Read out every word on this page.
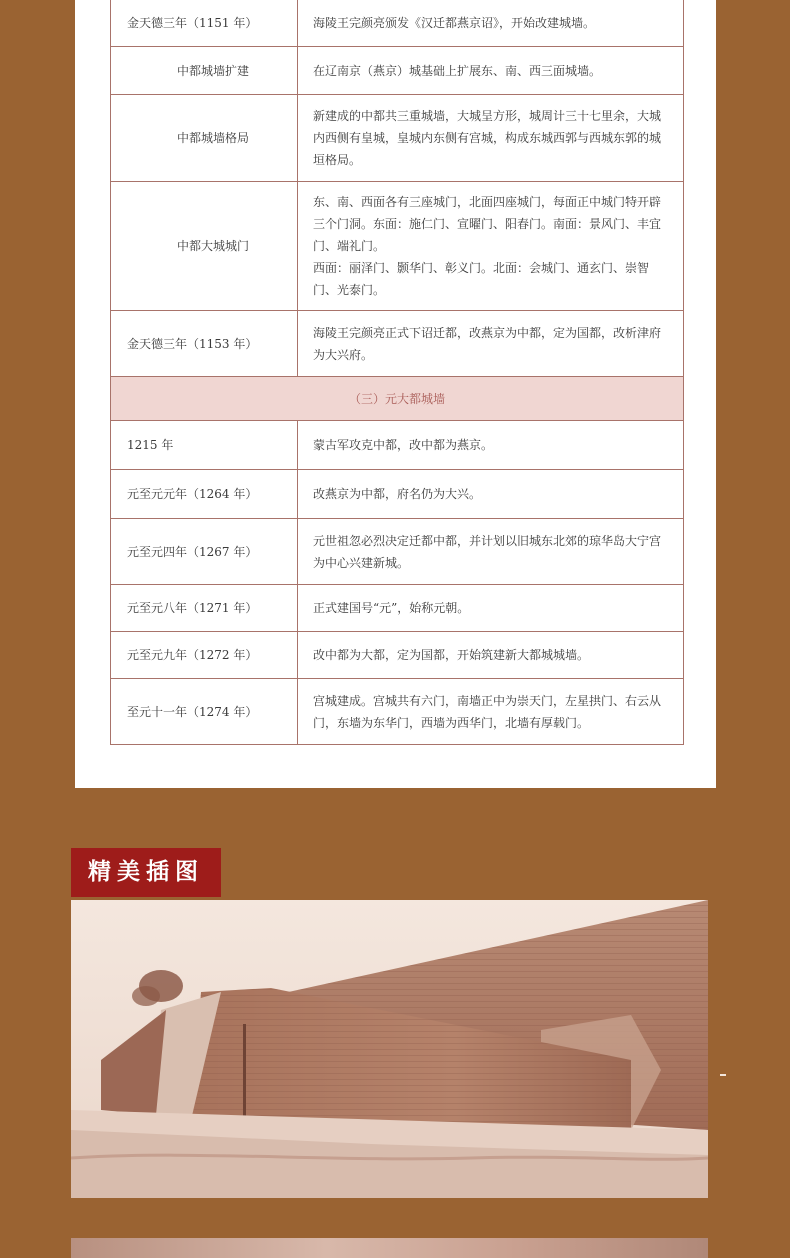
金天德三年（1151 年）	海陵王完颜亮颁发《汉迁都燕京诏》，开始改建城墙。
中都城墙扩建	在辽南京（燕京）城基础上扩展东、南、西三面城墙。
中都城墙格局	新建成的中都共三重城墙，大城呈方形，城周计三十七里余，大城内西侧有皇城，皇城内东侧有宫城，构成东城西郭与西城东郭的城垣格局。
中都大城城门	东、南、西面各有三座城门，北面四座城门，每面正中城门特开辟三个门洞。东面：施仁门、宣曜门、阳春门。南面：景风门、丰宜门、端礼门。
西面：丽泽门、颢华门、彰义门。北面：会城门、通玄门、崇智门、光泰门。

金天德三年（1153 年）	海陵王完颜亮正式下诏迁都，改燕京为中都，定为国都，改析津府为大兴府。
（三）元大都城墙	
1215 年	蒙古军攻克中都，改中都为燕京。
元至元元年（1264 年）	改燕京为中都，府名仍为大兴。
元至元四年（1267 年）	元世祖忽必烈决定迁都中都，并计划以旧城东北郊的琼华岛大宁宫为中心兴建新城。
元至元八年（1271 年）	正式建国号“元”，始称元朝。
元至元九年（1272 年）	改中都为大都，定为国都，开始筑建新大都城城墙。
至元十一年（1274 年）	宫城建成。宫城共有六门，南墙正中为崇天门，左星拱门、右云从门，东墙为东华门，西墙为西华门，北墙有厚载门。
精美插图
